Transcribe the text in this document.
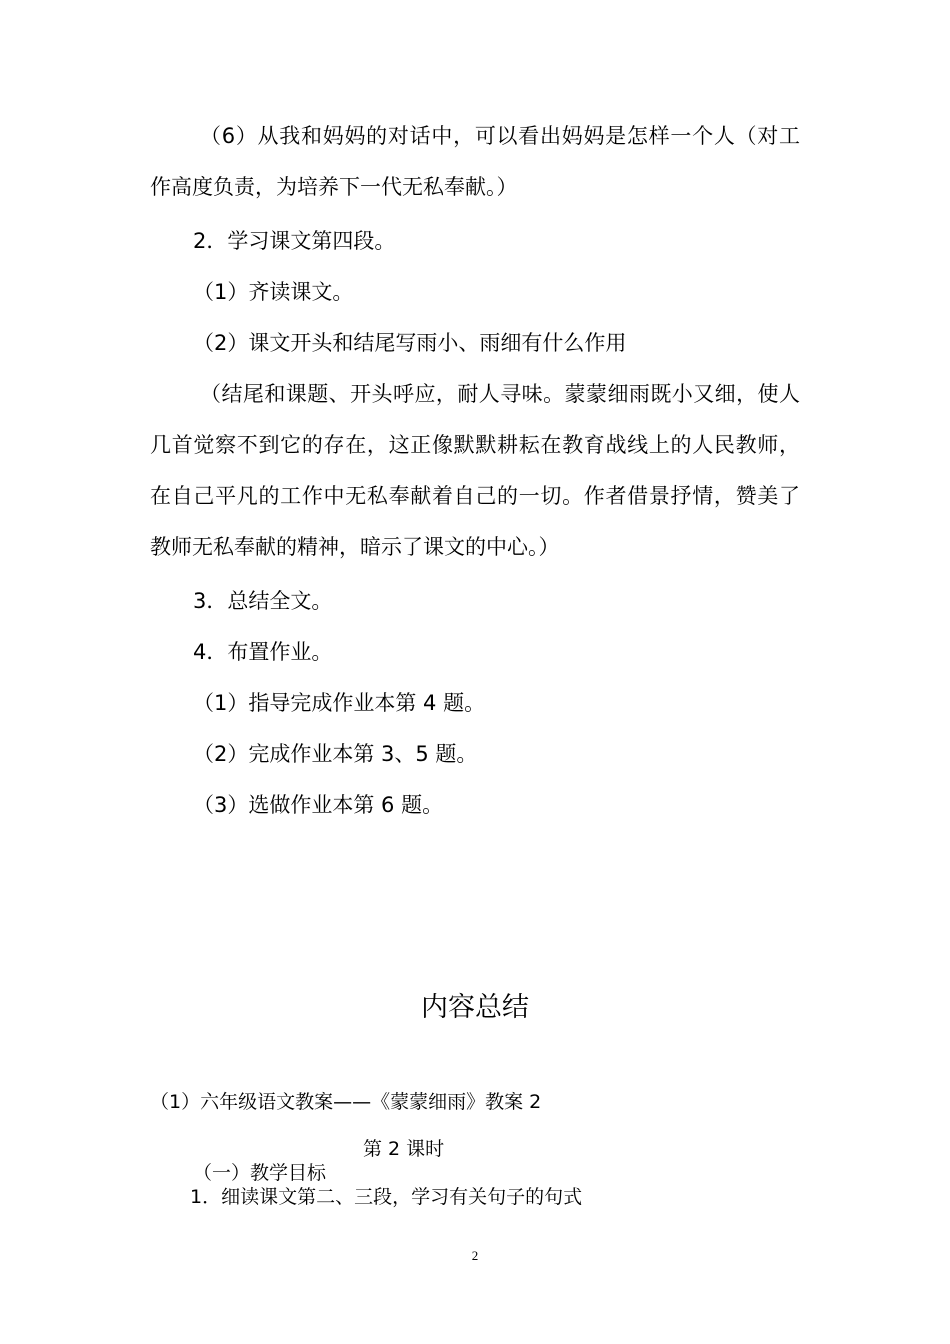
（6）从我和妈妈的对话中，可以看出妈妈是怎样一个人（对工作高度负责，为培养下一代无私奉献。）
2．学习课文第四段。
（1）齐读课文。
（2）课文开头和结尾写雨小、雨细有什么作用
（结尾和课题、开头呼应，耐人寻味。蒙蒙细雨既小又细，使人几首觉察不到它的存在，这正像默默耕耘在教育战线上的人民教师，在自己平凡的工作中无私奉献着自己的一切。作者借景抒情，赞美了教师无私奉献的精神，暗示了课文的中心。）
3．总结全文。
4．布置作业。
（1）指导完成作业本第 4 题。
（2）完成作业本第 3、5 题。
（3）选做作业本第 6 题。
内容总结
（1）六年级语文教案——《蒙蒙细雨》教案 2
第 2 课时
（一）教学目标
1．细读课文第二、三段，学习有关句子的句式
2
